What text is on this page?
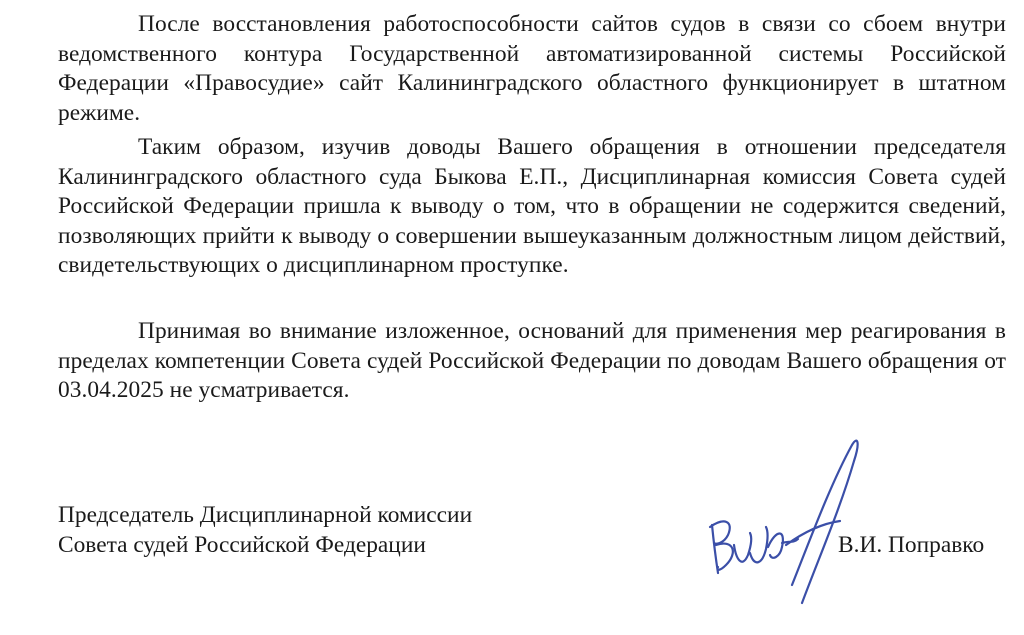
После восстановления работоспособности сайтов судов в связи со сбоем внутри ведомственного контура Государственной автоматизированной системы Российской Федерации «Правосудие» сайт Калининградского областного функционирует в штатном режиме.

Таким образом, изучив доводы Вашего обращения в отношении председателя Калининградского областного суда Быкова Е.П., Дисциплинарная комиссия Совета судей Российской Федерации пришла к выводу о том, что в обращении не содержится сведений, позволяющих прийти к выводу о совершении вышеуказанным должностным лицом действий, свидетельствующих о дисциплинарном проступке.

Принимая во внимание изложенное, оснований для применения мер реагирования в пределах компетенции Совета судей Российской Федерации по доводам Вашего обращения от 03.04.2025 не усматривается.

Председатель Дисциплинарной комиссии
Совета судей Российской Федерации	В.И. Поправко
